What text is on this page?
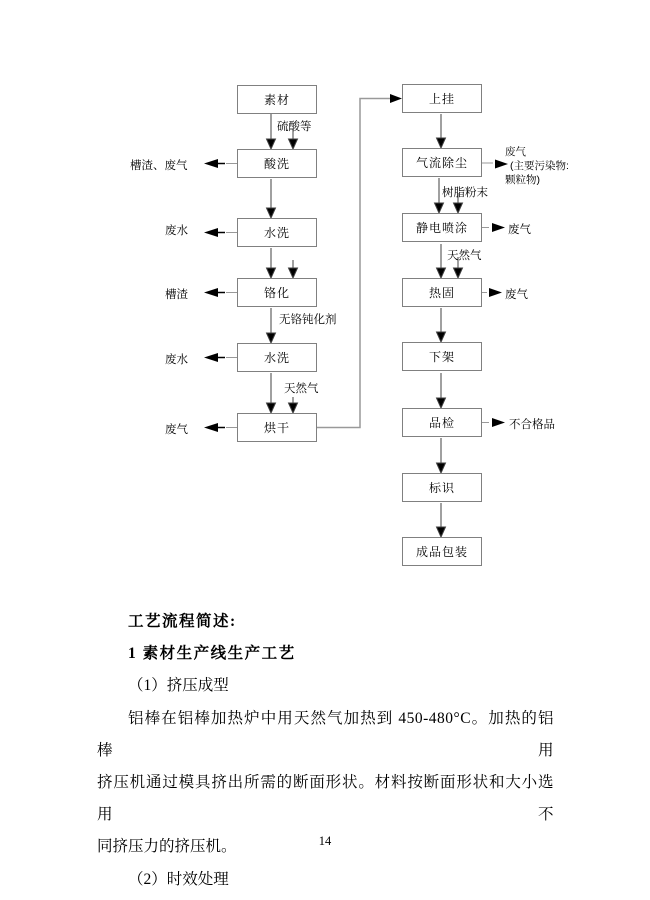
素材
酸洗
水洗
铬化
水洗
烘干
上挂
气流除尘
静电喷涂
热固
下架
品检
标识
成品包装
硫酸等
无铬钝化剂
天然气
树脂粉末
天然气
槽渣、废气
废水
槽渣
废水
废气
废气
(主要污染物:
颗粒物)
废气
废气
不合格品
工艺流程简述:
1 素材生产线生产工艺
（1）挤压成型
铝棒在铝棒加热炉中用天然气加热到 450-480°C。加热的铝棒用
挤压机通过模具挤出所需的断面形状。材料按断面形状和大小选用不
同挤压力的挤压机。
（2）时效处理
14
